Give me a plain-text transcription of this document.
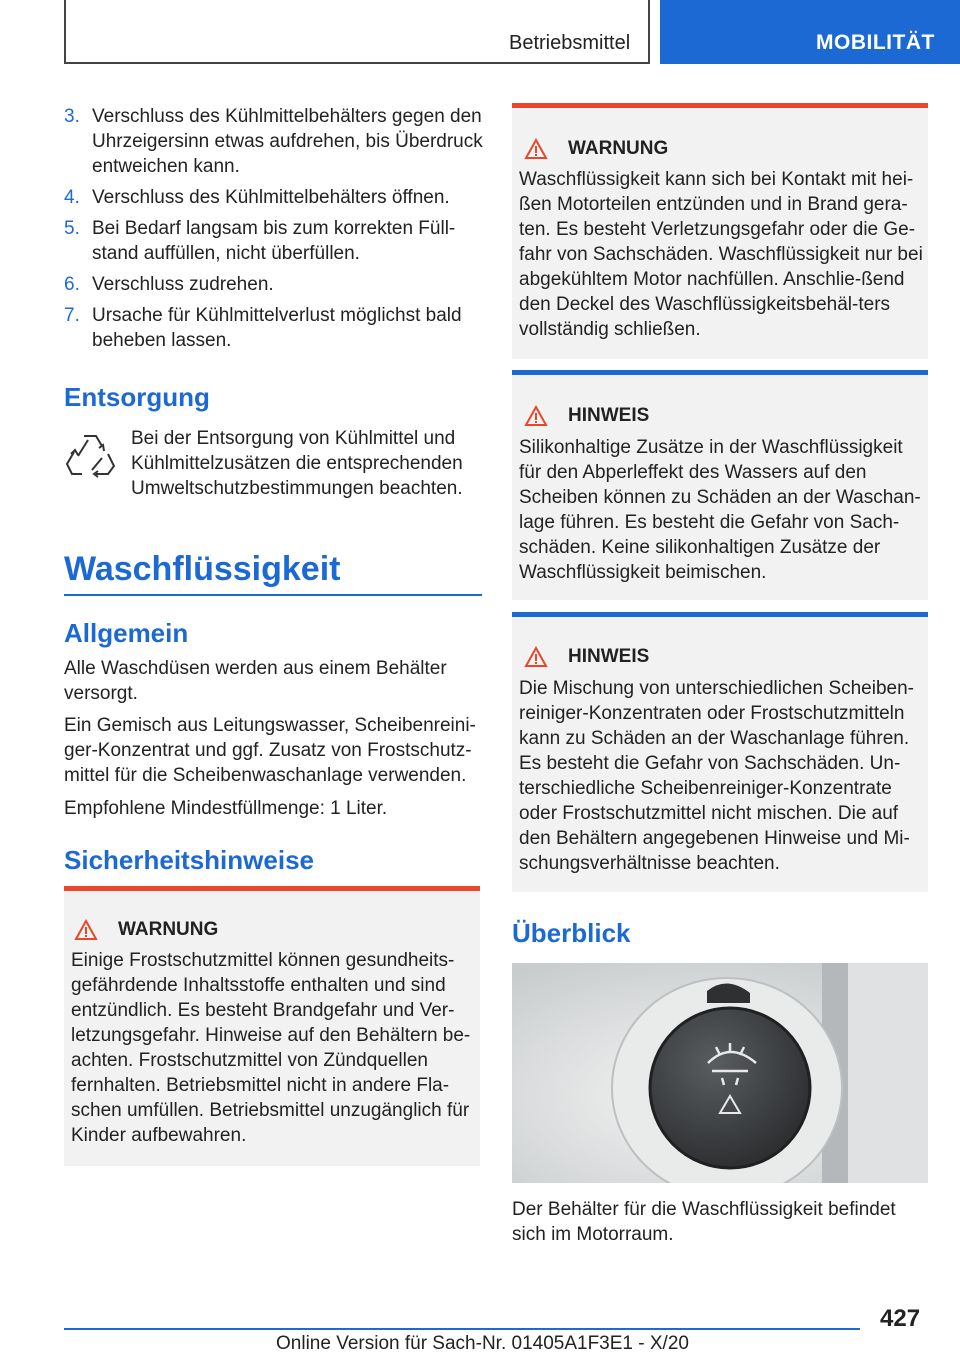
Betriebsmittel	MOBILITÄT
3. Verschluss des Kühlmittelbehälters gegen den Uhrzeigersinn etwas aufdrehen, bis Überdruck entweichen kann.
4. Verschluss des Kühlmittelbehälters öffnen.
5. Bei Bedarf langsam bis zum korrekten Füll-stand auffüllen, nicht überfüllen.
6. Verschluss zudrehen.
7. Ursache für Kühlmittelverlust möglichst bald beheben lassen.
Entsorgung
Bei der Entsorgung von Kühlmittel und Kühlmittelzusätzen die entsprechenden Umweltschutzbestimmungen beachten.
Waschflüssigkeit
Allgemein
Alle Waschdüsen werden aus einem Behälter versorgt.
Ein Gemisch aus Leitungswasser, Scheibenreini-ger-Konzentrat und ggf. Zusatz von Frostschutz-mittel für die Scheibenwaschanlage verwenden.
Empfohlene Mindestfüllmenge: 1 Liter.
Sicherheitshinweise
WARNUNG
Einige Frostschutzmittel können gesundheits-gefährdende Inhaltsstoffe enthalten und sind entzündlich. Es besteht Brandgefahr und Ver-letzungsgefahr. Hinweise auf den Behältern be-achten. Frostschutzmittel von Zündquellen fernhalten. Betriebsmittel nicht in andere Fla-schen umfüllen. Betriebsmittel unzugänglich für Kinder aufbewahren.
WARNUNG
Waschflüssigkeit kann sich bei Kontakt mit hei-ßen Motorteilen entzünden und in Brand gera-ten. Es besteht Verletzungsgefahr oder die Ge-fahr von Sachschäden. Waschflüssigkeit nur bei abgekühltem Motor nachfüllen. Anschlie-ßend den Deckel des Waschflüssigkeitsbehäl-ters vollständig schließen.
HINWEIS
Silikonhaltige Zusätze in der Waschflüssigkeit für den Abperleffekt des Wassers auf den Scheiben können zu Schäden an der Waschan-lage führen. Es besteht die Gefahr von Sach-schäden. Keine silikonhaltigen Zusätze der Waschflüssigkeit beimischen.
HINWEIS
Die Mischung von unterschiedlichen Scheiben-reiniger-Konzentraten oder Frostschutzmitteln kann zu Schäden an der Waschanlage führen. Es besteht die Gefahr von Sachschäden. Un-terschiedliche Scheibenreiniger-Konzentrate oder Frostschutzmittel nicht mischen. Die auf den Behältern angegebenen Hinweise und Mi-schungsverhältnisse beachten.
Überblick
Der Behälter für die Waschflüssigkeit befindet sich im Motorraum.
427
Online Version für Sach-Nr. 01405A1F3E1 - X/20
